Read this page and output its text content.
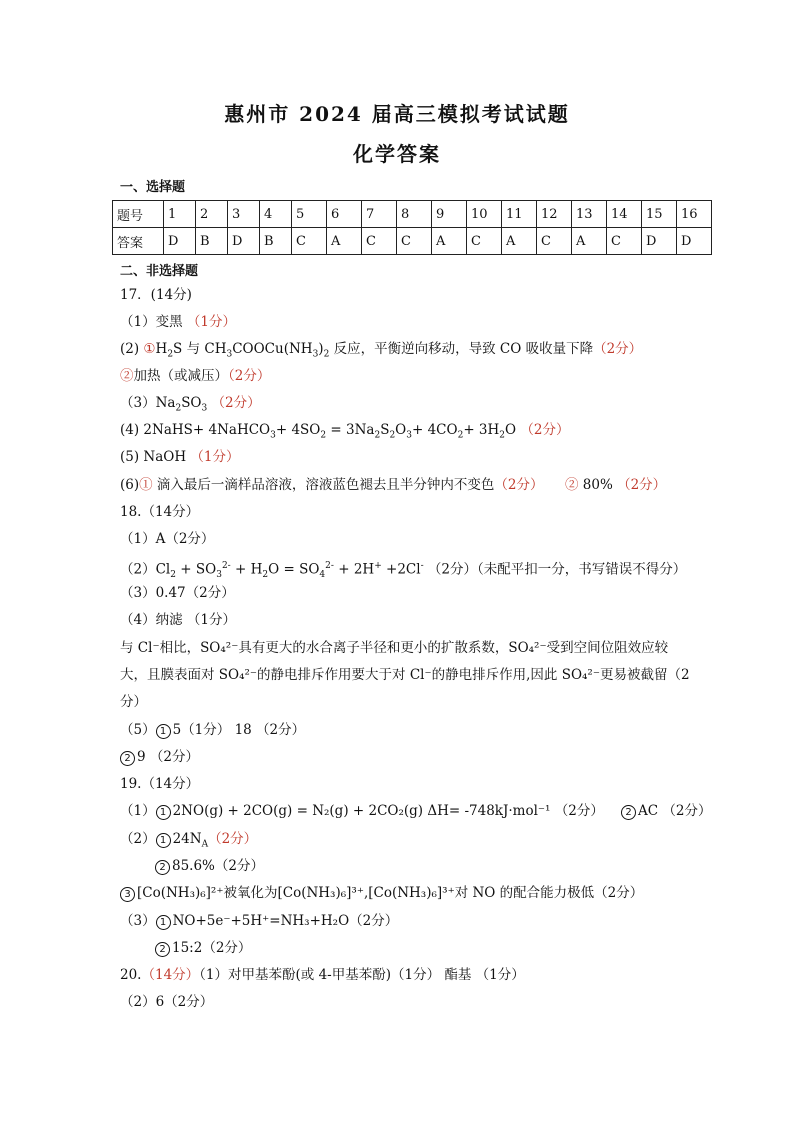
惠州市 2024 届高三模拟考试试题
化学答案
一、选择题
题号	1	2	3	4	5	6	7	8	9	10	11	12	13	14	15	16
答案	D	B	D	B	C	A	C	C	A	C	A	C	A	C	D	D
二、非选择题
17．(14分)
（1）变黑 （1分）
(2) $①H_2S$ 与 $CH_3COOCu(NH_3)_2$ 反应，平衡逆向移动，导致 CO 吸收量下降（2分）
②加热（或减压）（2分）
$(3)Na_2SO_3$ （2分）
(4) 2NaHS+ 4NaHCO$_3$+ $4SO_2 = 3Na_2S_2O_3+ 4CO_2+ 3H_2O$ （2分）
(5) NaOH （1分）
(6)① 滴入最后一滴样品溶液，溶液蓝色褪去且半分钟内不变色（2分） ② 80% （2分）
18.（14分）
（1）A（2分）
$(2)Cl_2 + SO_3^{2-} + H_2O = SO_4^{2-} + 2H^+ +2Cl^-$ （2分）（未配平扣一分，书写错误不得分）
（3）0.47（2分）
（4）纳滤 （1分）
与 Cl⁻相比，SO₄²⁻具有更大的水合离子半径和更小的扩散系数，SO₄²⁻受到空间位阻效应较
大，且膜表面对 SO₄²⁻的静电排斥作用要大于对 Cl⁻的静电排斥作用,因此 SO₄²⁻更易被截留（2
分）
（5） 1 5（1分） 18 （2分）
2 9 （2分）
19.（14分）
（1） 1 2NO(g) + 2CO(g) = N₂(g) + 2CO₂(g) ΔH= -748kJ·mol⁻¹ （2分） 2 AC （2分）
（2） 1 $24N_A(2$分）
2 85.6%（2分）
3 [Co(NH₃)₆]²⁺被氧化为[Co(NH₃)₆]³⁺,[Co(NH₃)₆]³⁺对 NO 的配合能力极低（2分）
（3） 1 NO+5e⁻+5H⁺=NH₃+H₂O（2分）
2 15:2（2分）
20.（14分）（1）对甲基苯酚(或 4-甲基苯酚)（1分） 酯基 （1分）
（2）6（2分）
